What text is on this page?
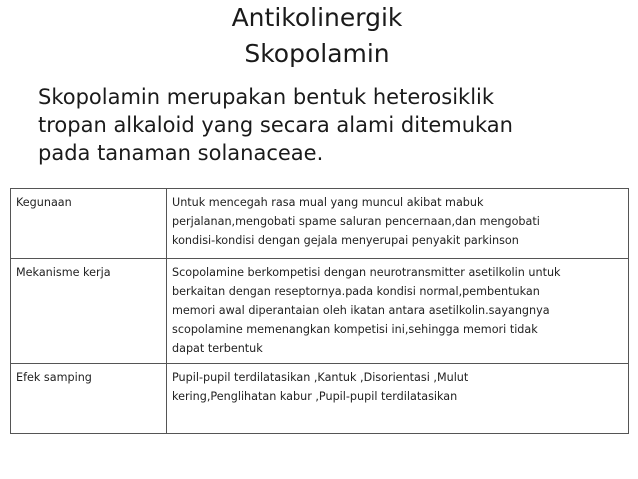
Antikolinergik
Skopolamin
Skopolamin merupakan bentuk heterosiklik
tropan alkaloid yang secara alami ditemukan
pada tanaman solanaceae.
Kegunaan	Untuk mencegah rasa mual yang muncul akibat mabuk
perjalanan,mengobati spame saluran pencernaan,dan mengobati
kondisi-kondisi dengan gejala menyerupai penyakit parkinson

Mekanisme kerja	Scopolamine berkompetisi dengan neurotransmitter asetilkolin untuk
berkaitan dengan reseptornya.pada kondisi normal,pembentukan
memori awal diperantaian oleh ikatan antara asetilkolin.sayangnya
scopolamine memenangkan kompetisi ini,sehingga memori tidak
dapat terbentuk

Efek samping	Pupil-pupil terdilatasikan ,Kantuk ,Disorientasi ,Mulut
kering,Penglihatan kabur ,Pupil-pupil terdilatasikan
